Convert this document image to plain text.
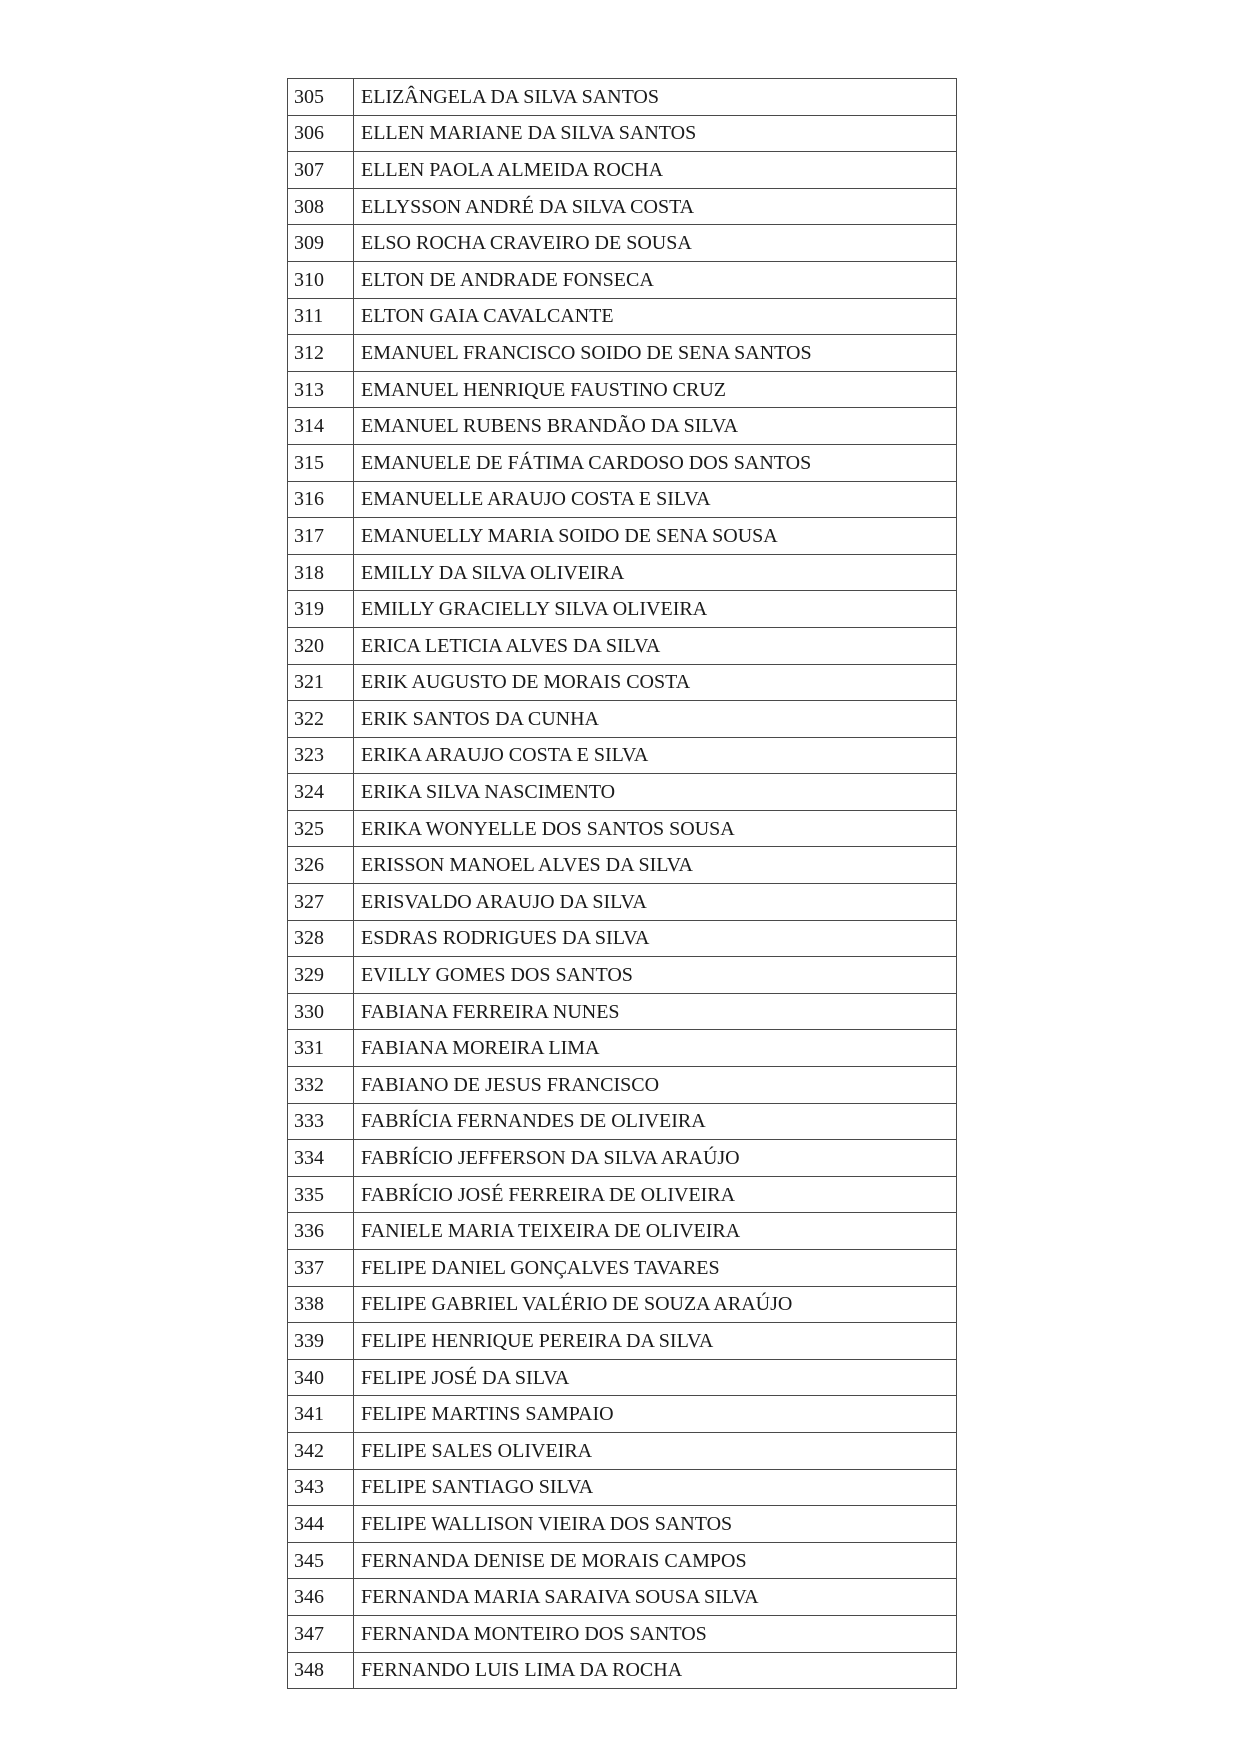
305	ELIZÂNGELA DA SILVA SANTOS
306	ELLEN MARIANE DA SILVA SANTOS
307	ELLEN PAOLA ALMEIDA ROCHA
308	ELLYSSON ANDRÉ DA SILVA COSTA
309	ELSO ROCHA CRAVEIRO DE SOUSA
310	ELTON DE ANDRADE FONSECA
311	ELTON GAIA CAVALCANTE
312	EMANUEL FRANCISCO SOIDO DE SENA SANTOS
313	EMANUEL HENRIQUE FAUSTINO CRUZ
314	EMANUEL RUBENS BRANDÃO DA SILVA
315	EMANUELE DE FÁTIMA CARDOSO DOS SANTOS
316	EMANUELLE ARAUJO COSTA E SILVA
317	EMANUELLY MARIA SOIDO DE SENA SOUSA
318	EMILLY DA SILVA OLIVEIRA
319	EMILLY GRACIELLY SILVA OLIVEIRA
320	ERICA LETICIA ALVES DA SILVA
321	ERIK AUGUSTO DE MORAIS COSTA
322	ERIK SANTOS DA CUNHA
323	ERIKA ARAUJO COSTA E SILVA
324	ERIKA SILVA NASCIMENTO
325	ERIKA WONYELLE DOS SANTOS SOUSA
326	ERISSON MANOEL ALVES DA SILVA
327	ERISVALDO ARAUJO DA SILVA
328	ESDRAS RODRIGUES DA SILVA
329	EVILLY GOMES DOS SANTOS
330	FABIANA FERREIRA NUNES
331	FABIANA MOREIRA LIMA
332	FABIANO DE JESUS FRANCISCO
333	FABRÍCIA FERNANDES DE OLIVEIRA
334	FABRÍCIO JEFFERSON DA SILVA ARAÚJO
335	FABRÍCIO JOSÉ FERREIRA DE OLIVEIRA
336	FANIELE MARIA TEIXEIRA DE OLIVEIRA
337	FELIPE DANIEL GONÇALVES TAVARES
338	FELIPE GABRIEL VALÉRIO DE SOUZA ARAÚJO
339	FELIPE HENRIQUE PEREIRA DA SILVA
340	FELIPE JOSÉ DA SILVA
341	FELIPE MARTINS SAMPAIO
342	FELIPE SALES OLIVEIRA
343	FELIPE SANTIAGO SILVA
344	FELIPE WALLISON VIEIRA DOS SANTOS
345	FERNANDA DENISE DE MORAIS CAMPOS
346	FERNANDA MARIA SARAIVA SOUSA SILVA
347	FERNANDA MONTEIRO DOS SANTOS
348	FERNANDO LUIS LIMA DA ROCHA
